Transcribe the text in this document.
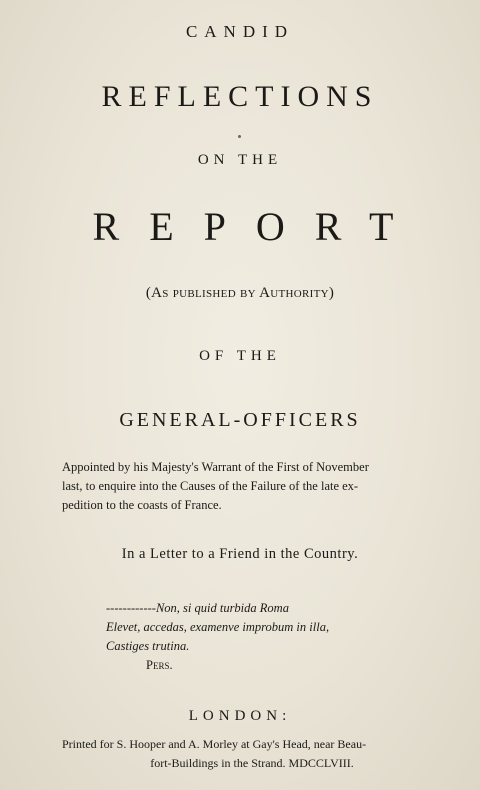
CANDID
REFLECTIONS
ON THE
REPORT
(As published by Authority)
OF THE
GENERAL-OFFICERS
Appointed by his Majesty's Warrant of the First of November
last, to enquire into the Causes of the Failure of the late ex-
pedition to the coasts of France.
In a Letter to a Friend in the Country.
------------Non, si quid turbida Roma
Elevet, accedas, examenve improbum in illa,
Castiges trutina.
Pers.
LONDON:
Printed for S. Hooper and A. Morley at Gay's Head, near Beau-
fort-Buildings in the Strand. MDCCLVIII.
